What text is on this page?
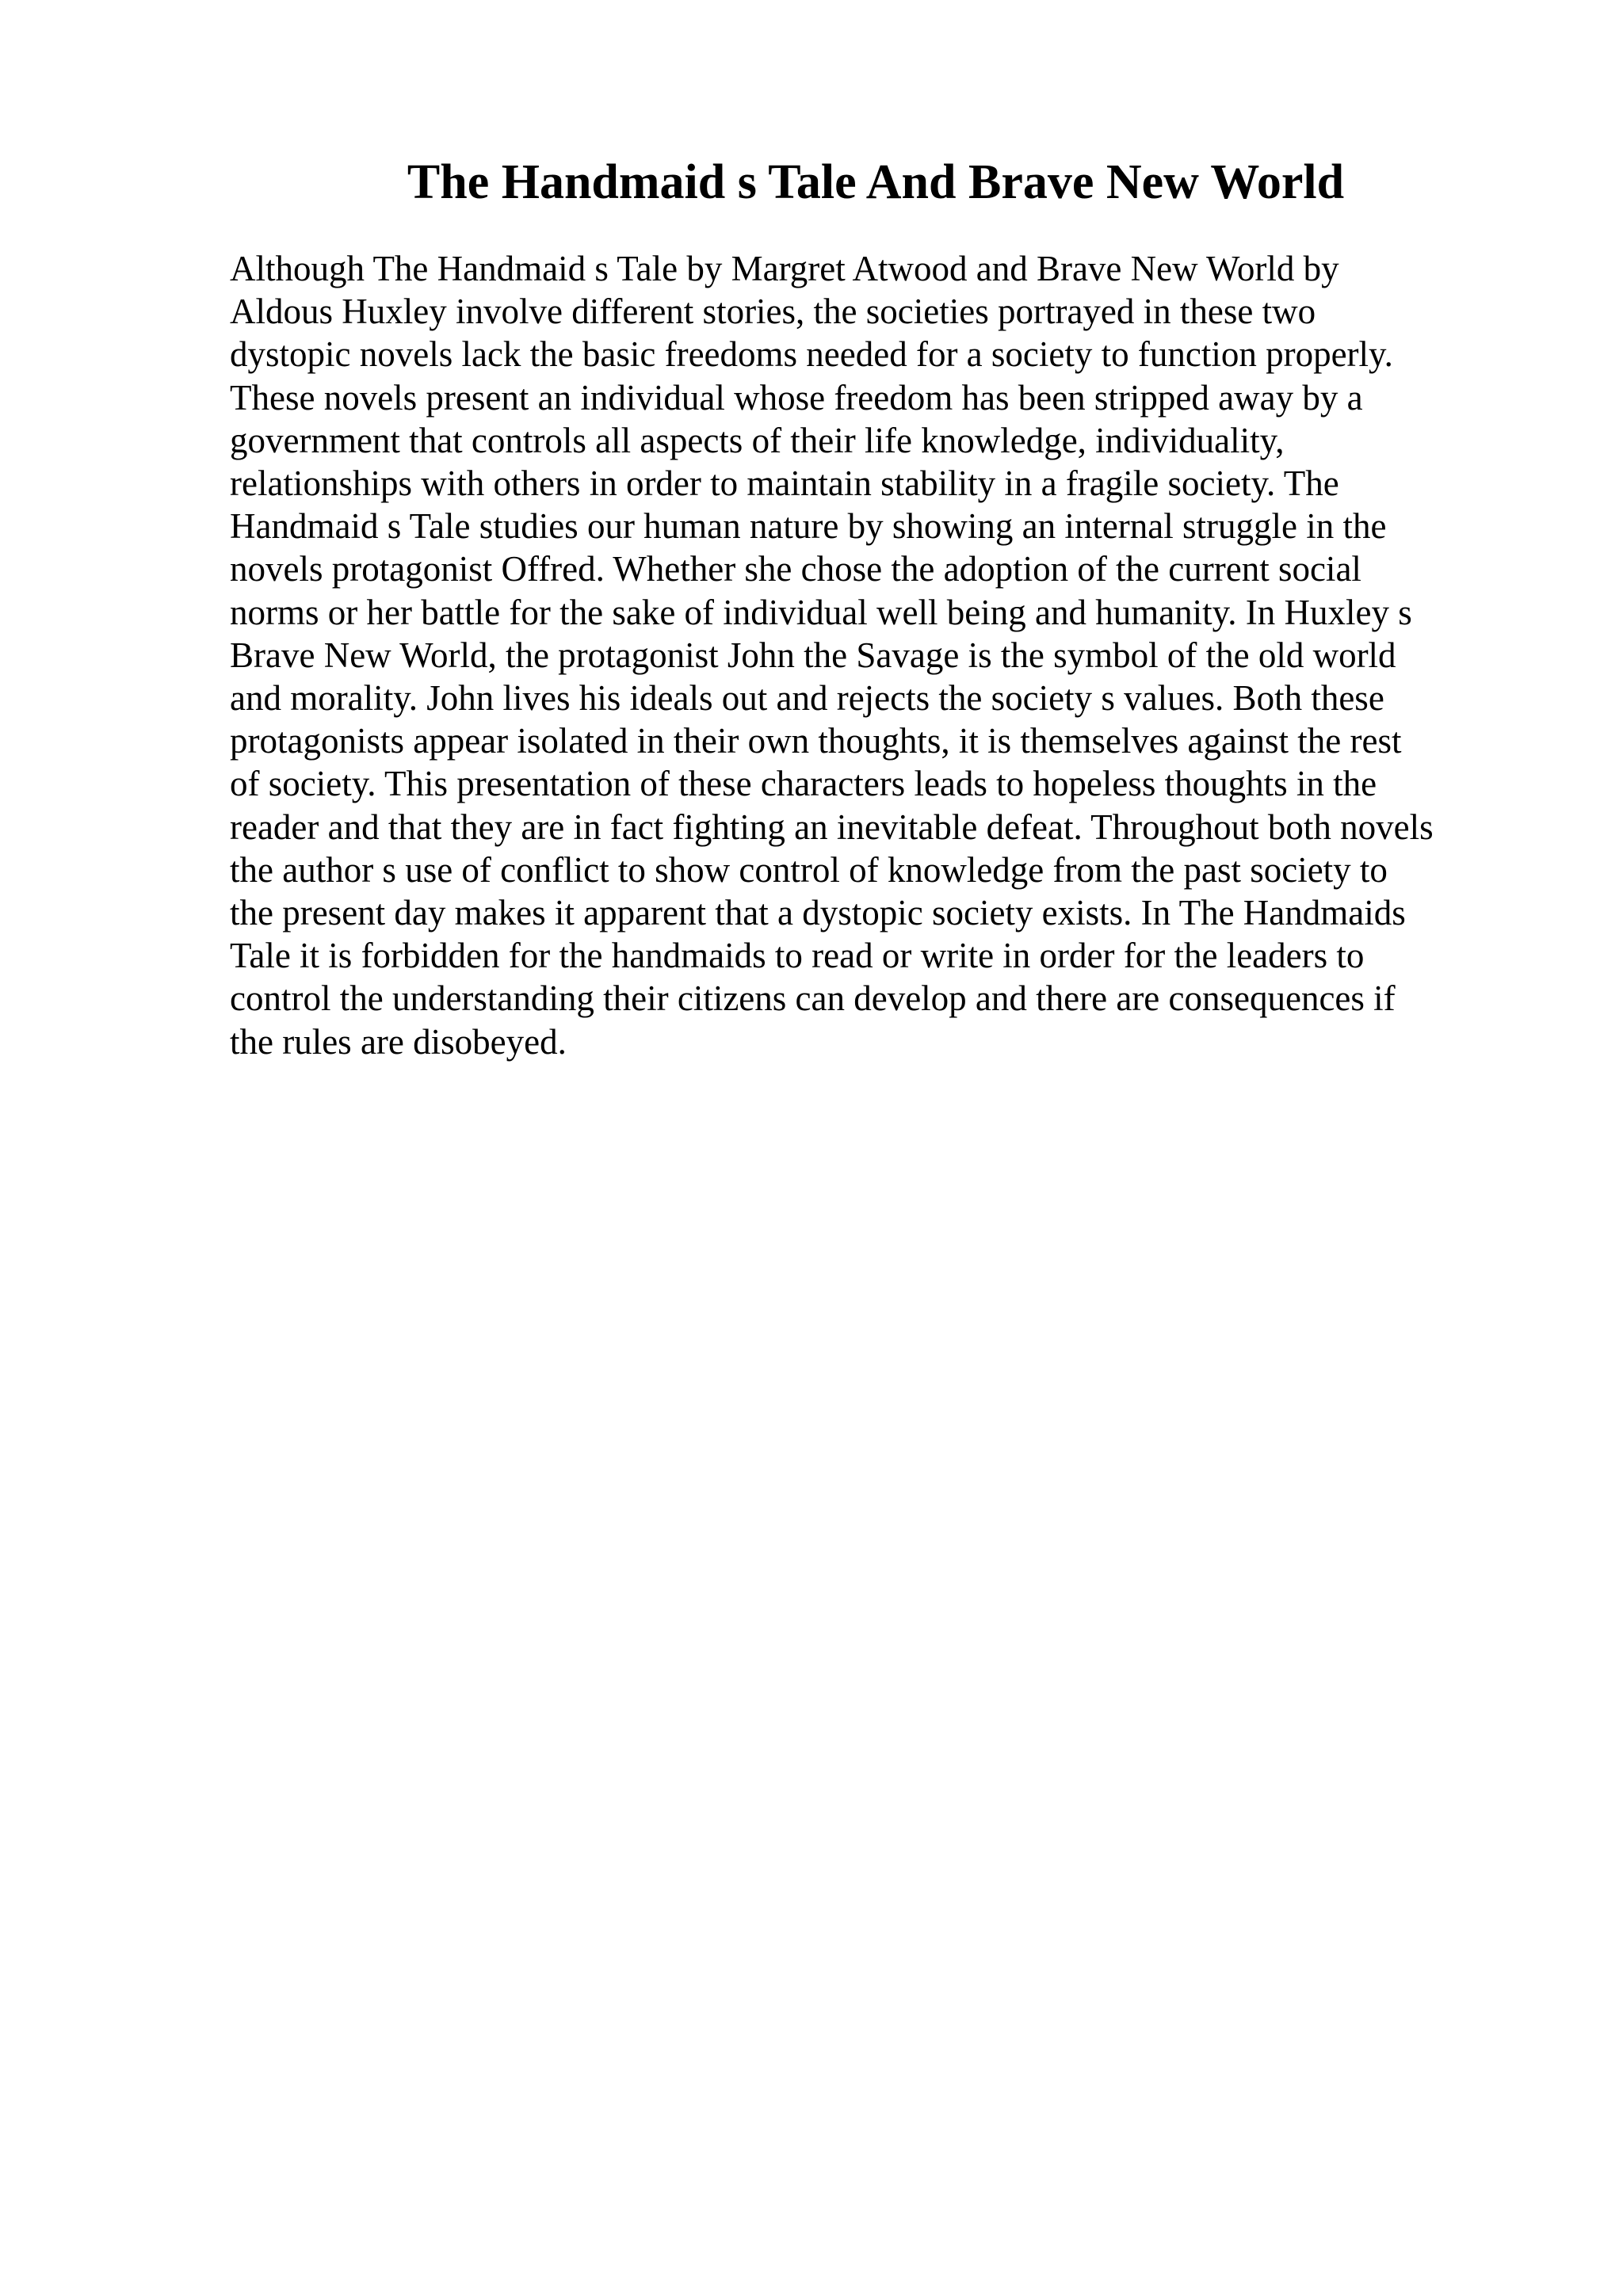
The Handmaid s Tale And Brave New World
Although The Handmaid s Tale by Margret Atwood and Brave New World by
Aldous Huxley involve different stories, the societies portrayed in these two
dystopic novels lack the basic freedoms needed for a society to function properly.
These novels present an individual whose freedom has been stripped away by a
government that controls all aspects of their life knowledge, individuality,
relationships with others in order to maintain stability in a fragile society. The
Handmaid s Tale studies our human nature by showing an internal struggle in the
novels protagonist Offred. Whether she chose the adoption of the current social
norms or her battle for the sake of individual well being and humanity. In Huxley s
Brave New World, the protagonist John the Savage is the symbol of the old world
and morality. John lives his ideals out and rejects the society s values. Both these
protagonists appear isolated in their own thoughts, it is themselves against the rest
of society. This presentation of these characters leads to hopeless thoughts in the
reader and that they are in fact fighting an inevitable defeat. Throughout both novels
the author s use of conflict to show control of knowledge from the past society to
the present day makes it apparent that a dystopic society exists. In The Handmaids
Tale it is forbidden for the handmaids to read or write in order for the leaders to
control the understanding their citizens can develop and there are consequences if
the rules are disobeyed.
